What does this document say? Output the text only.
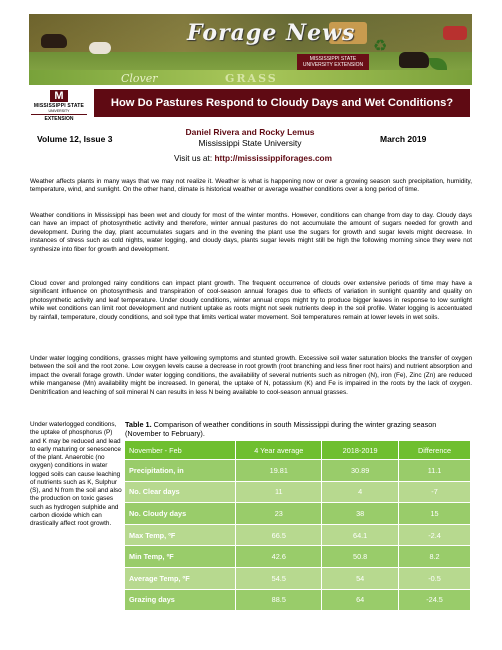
♻
Forage News
MISSISSIPPI STATE UNIVERSITY EXTENSION
Clover	GRASS
M
MISSISSIPPI STATE
UNIVERSITY
EXTENSION
How Do Pastures Respond to Cloudy Days and Wet Conditions?
Volume 12, Issue 3
Daniel Rivera and Rocky Lemus
Mississippi State University	March 2019
Visit us at: http://mississippiforages.com
Weather affects plants in many ways that we may not realize it. Weather is what is happening now or over a growing season such precipitation, humidity, temperature, wind, and sunlight. On the other hand, climate is historical weather or average weather conditions over a long period of time.
Weather conditions in Mississippi has been wet and cloudy for most of the winter months. However, conditions can change from day to day. Cloudy days can have an impact of photosynthetic activity and therefore, winter annual pastures do not accumulate the amount of sugars needed for growth and development. During the day, plant accumulates sugars and in the evening the plant use the sugars for growth and sugar levels might decrease. In instances of stress such as cold nights, water logging, and cloudy days, plants sugar levels might still be high the following morning since they were not synthesize into fiber for growth and development.
Cloud cover and prolonged rainy conditions can impact plant growth. The frequent occurrence of clouds over extensive periods of time may have a significant influence on photosynthesis and transpiration of cool-season annual forages due to effects of variation in sunlight quantity and quality on photosynthetic activity and leaf temperature. Under cloudy conditions, winter annual crops might try to produce bigger leaves in response to low sunlight while wet conditions can limit root development and nutrient uptake as roots might not seek nutrients deep in the soil profile. Water logging is accentuated by rainfall, temperature, cloudy conditions, and soil type that limits vertical water movement. Soil temperatures remain at lower levels in wet soils.
Under water logging conditions, grasses might have yellowing symptoms and stunted growth. Excessive soil water saturation blocks the transfer of oxygen between the soil and the root zone. Low oxygen levels cause a decrease in root growth (root branching and less finer root hairs) and nutrient absorption and impact the overall forage growth. Under water logging conditions, the availability of several nutrients such as nitrogen (N), iron (Fe), Zinc (Zn) are reduced while manganese (Mn) availability might be increased. In general, the uptake of N, potassium (K) and Fe is impaired in the roots by the lack of oxygen. Denitrification and leaching of soil mineral N can results in less N being available to cool-season annual grasses.
Under waterlogged conditions, the uptake of phosphorus (P) and K may be reduced and lead to early maturing or senescence of the plant. Anaerobic (no oxygen) conditions in water logged soils can cause leaching of nutrients such as K, Sulphur (S), and N from the soil and also the production on toxic gases such as hydrogen sulphide and carbon dioxide which can drastically affect root growth.
Table 1. Comparison of weather conditions in south Mississippi during the winter grazing season (November to February).
November - Feb	4 Year average	2018-2019	Difference
Precipitation, in	19.81	30.89	11.1
No. Clear days	11	4	-7
No. Cloudy days	23	38	15
Max Temp, ºF	66.5	64.1	-2.4
Min Temp, ºF	42.6	50.8	8.2
Average Temp, ºF	54.5	54	-0.5
Grazing days	88.5	64	-24.5
